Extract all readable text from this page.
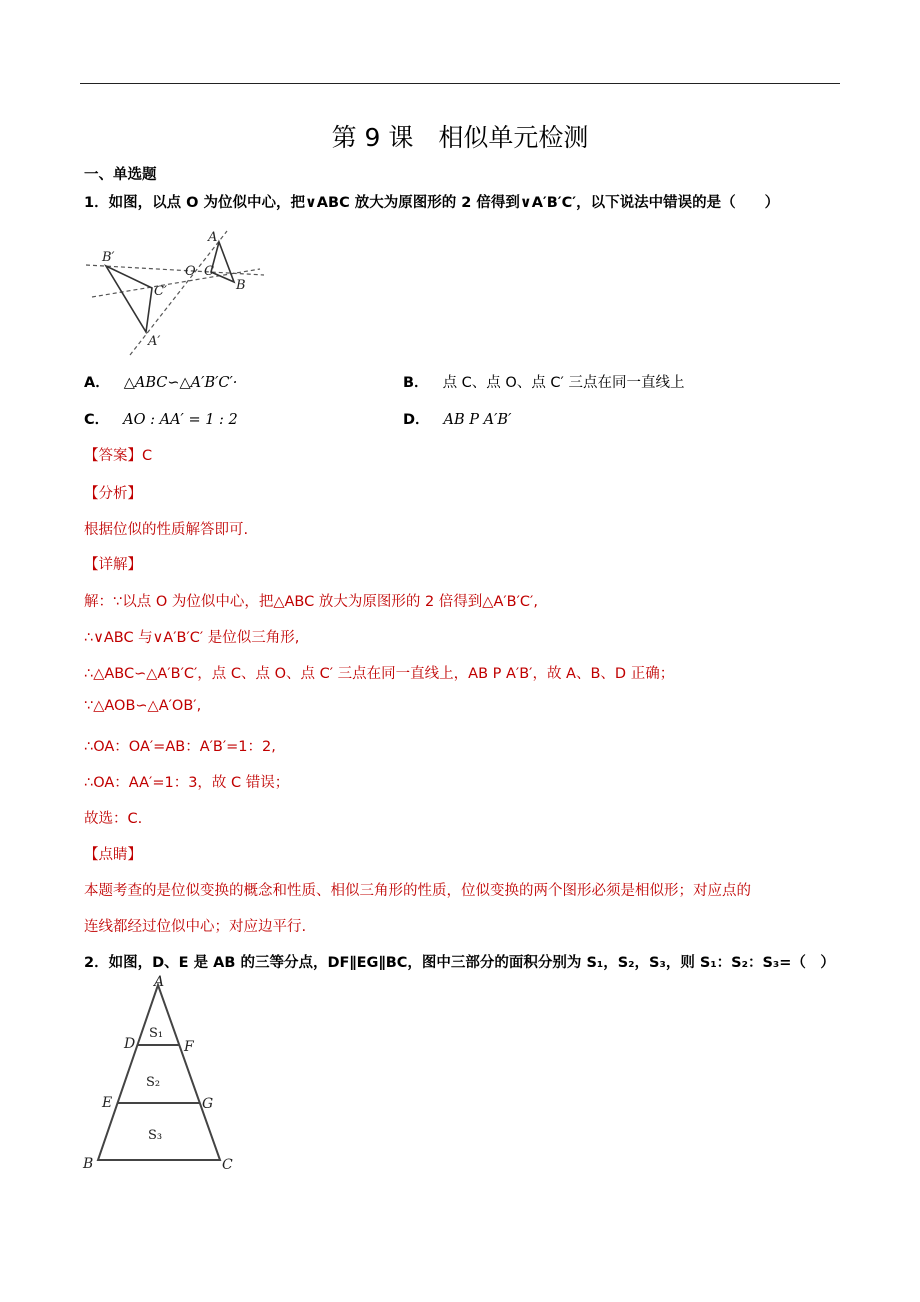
第 9 课　相似单元检测
一、单选题
1．如图，以点 O 为位似中心，把∨ABC 放大为原图形的 2 倍得到∨A′B′C′，以下说法中错误的是（　　）
B′
C′
A′
O C
A
B
A． △ABC∽△A′B′C′·	B． 点 C、点 O、点 C′ 三点在同一直线上
C． AO : AA′ = 1 : 2	D． AB P A′B′
【答案】C
【分析】
根据位似的性质解答即可.
【详解】
解：∵以点 O 为位似中心，把△ABC 放大为原图形的 2 倍得到△A′B′C′,
∴∨ABC 与∨A′B′C′ 是位似三角形,
∴△ABC∽△A′B′C′，点 C、点 O、点 C′ 三点在同一直线上，AB P A′B′，故 A、B、D 正确；
∵△AOB∽△A′OB′,
∴OA：OA′=AB：A′B′=1：2,
∴OA：AA′=1：3，故 C 错误；
故选：C.
【点睛】
本题考查的是位似变换的概念和性质、相似三角形的性质，位似变换的两个图形必须是相似形；对应点的
连线都经过位似中心；对应边平行.
2．如图，D、E 是 AB 的三等分点，DF∥EG∥BC，图中三部分的面积分别为 S₁，S₂，S₃，则 S₁：S₂：S₃=（　）
A
D	F
E	G
B	C
S₁
S₂
S₃
